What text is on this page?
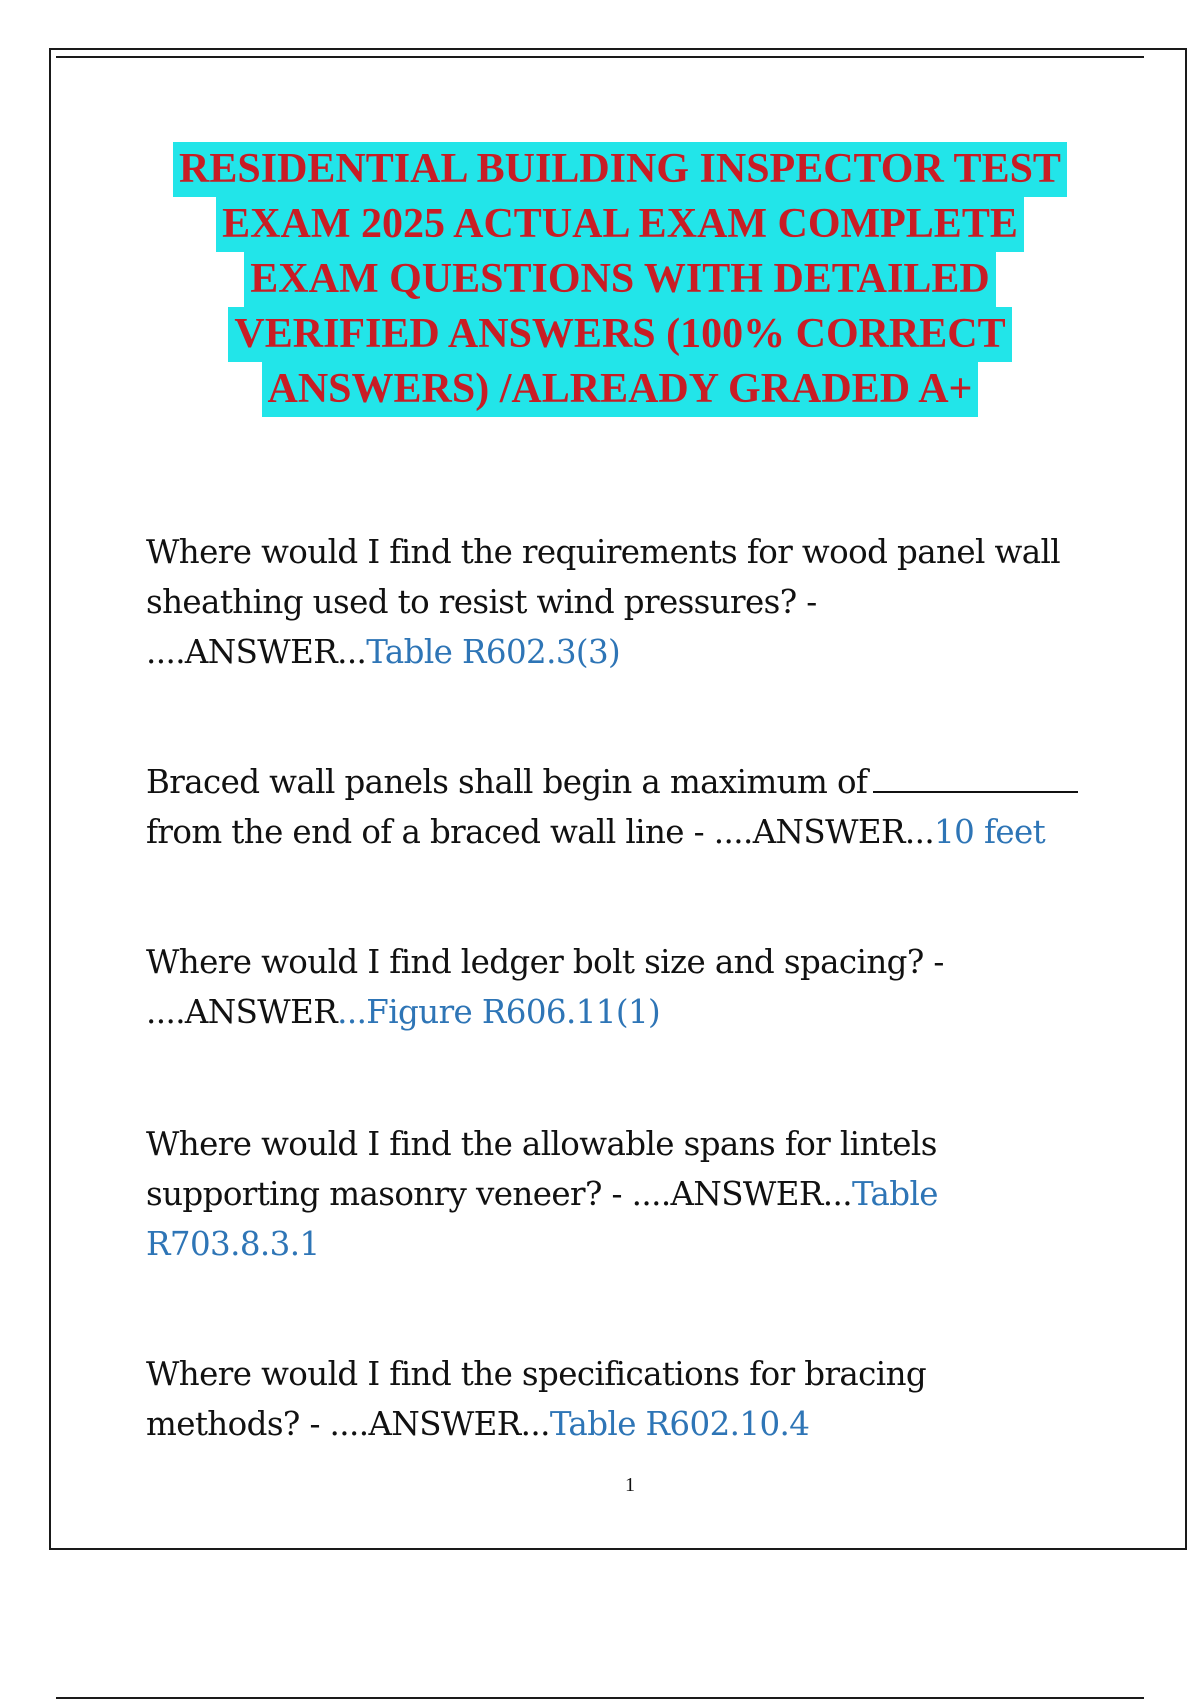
RESIDENTIAL BUILDING INSPECTOR TEST
EXAM 2025 ACTUAL EXAM COMPLETE
EXAM QUESTIONS WITH DETAILED
VERIFIED ANSWERS (100% CORRECT
ANSWERS) /ALREADY GRADED A+
Where would I find the requirements for wood panel wall
sheathing used to resist wind pressures? -
....ANSWER...Table R602.3(3)
Braced wall panels shall begin a maximum of
from the end of a braced wall line - ....ANSWER...10 feet
Where would I find ledger bolt size and spacing? -
....ANSWER...Figure R606.11(1)
Where would I find the allowable spans for lintels
supporting masonry veneer? - ....ANSWER...Table
R703.8.3.1
Where would I find the specifications for bracing
methods? - ....ANSWER...Table R602.10.4
1
